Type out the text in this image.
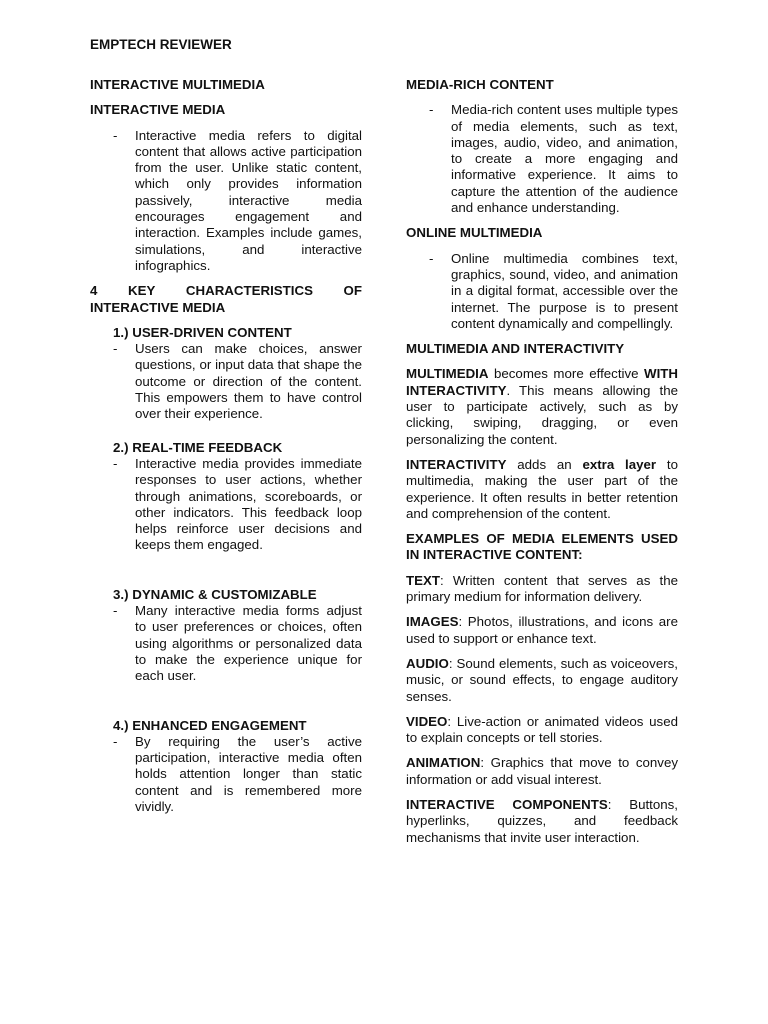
EMPTECH REVIEWER
INTERACTIVE MULTIMEDIA
INTERACTIVE MEDIA
-	Interactive media refers to digital content that allows active participation from the user. Unlike static content, which only provides information passively, interactive media encourages engagement and interaction. Examples include games, simulations, and interactive infographics.
4    KEY    CHARACTERISTICS    OF
INTERACTIVE MEDIA
1.) USER-DRIVEN CONTENT
-	Users can make choices, answer questions, or input data that shape the outcome or direction of the content. This empowers them to have control over their experience.
2.) REAL-TIME FEEDBACK
-	Interactive media provides immediate responses to user actions, whether through animations, scoreboards, or other indicators. This feedback loop helps reinforce user decisions and keeps them engaged.
3.) DYNAMIC & CUSTOMIZABLE
-	Many interactive media forms adjust to user preferences or choices, often using algorithms or personalized data to make the experience unique for each user.
4.) ENHANCED ENGAGEMENT
-	By requiring the user’s active participation, interactive media often holds attention longer than static content and is remembered more vividly.
MEDIA-RICH CONTENT
-	Media-rich content uses multiple types of media elements, such as text, images, audio, video, and animation, to create a more engaging and informative experience. It aims to capture the attention of the audience and enhance understanding.
ONLINE MULTIMEDIA
-	Online multimedia combines text, graphics, sound, video, and animation in a digital format, accessible over the internet. The purpose is to present content dynamically and compellingly.
MULTIMEDIA AND INTERACTIVITY
MULTIMEDIA becomes more effective WITH INTERACTIVITY. This means allowing the user to participate actively, such as by clicking, swiping, dragging, or even personalizing the content.
INTERACTIVITY adds an extra layer to multimedia, making the user part of the experience. It often results in better retention and comprehension of the content.
EXAMPLES OF MEDIA ELEMENTS USED IN INTERACTIVE CONTENT:
TEXT: Written content that serves as the primary medium for information delivery.
IMAGES: Photos, illustrations, and icons are used to support or enhance text.
AUDIO: Sound elements, such as voiceovers, music, or sound effects, to engage auditory senses.
VIDEO: Live-action or animated videos used to explain concepts or tell stories.
ANIMATION: Graphics that move to convey information or add visual interest.
INTERACTIVE COMPONENTS: Buttons, hyperlinks, quizzes, and feedback mechanisms that invite user interaction.
